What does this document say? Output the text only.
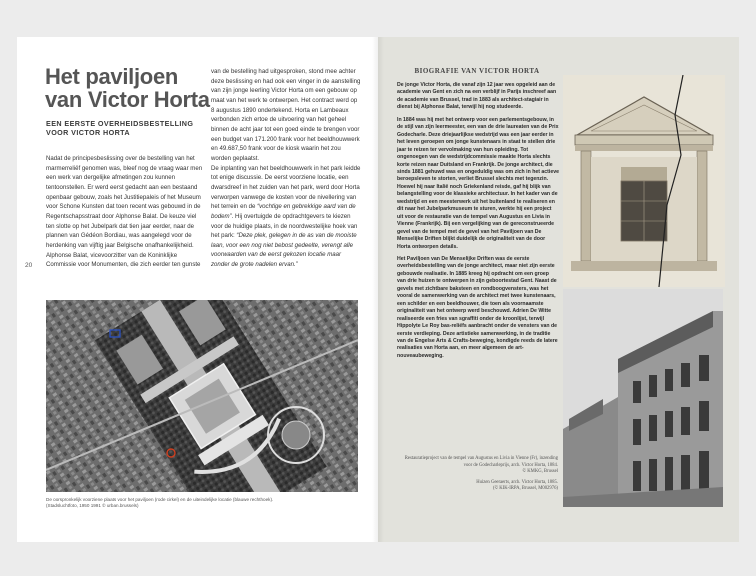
Het paviljoen
van Victor Horta
EEN EERSTE OVERHEIDSBESTELLING
VOOR VICTOR HORTA

Nadat de principesbeslissing over de bestelling van het marmerreliëf genomen was, bleef nog de vraag waar men een werk van dergelijke afmetingen zou kunnen tentoonstellen. Er werd eerst gedacht aan een bestaand openbaar gebouw, zoals het Justitiepaleis of het Museum voor Schone Kunsten dat toen recent was gebouwd in de Regentschapsstraat door Alphonse Balat. De keuze viel ten slotte op het Jubelpark dat tien jaar eerder, naar de plannen van Gédéon Bordiau, was aangelegd voor de herdenking van vijftig jaar Belgische onafhankelijkheid.
Alphonse Balat, vicevoorzitter van de Koninklijke Commissie voor Monumenten, die zich eerder ten gunste

van de bestelling had uitgesproken, stond mee achter deze beslissing en had ook een vinger in de aanstelling van zijn jonge leerling Victor Horta om een gebouw op maat van het werk te ontwerpen. Het contract werd op 8 augustus 1890 ondertekend. Horta en Lambeaux verbonden zich ertoe de uitvoering van het geheel binnen de acht jaar tot een goed einde te brengen voor een budget van 171.200 frank voor het beeldhouwwerk en 49.687,50 frank voor de kiosk waarin het zou worden geplaatst.
De inplanting van het beeldhouwwerk in het park leidde tot enige discussie. De eerst voorziene locatie, een dwarsdreef in het zuiden van het park, werd door Horta verworpen vanwege de kosten voor de nivellering van het terrein en de “vochtige en gebrekkige aard van de bodem”. Hij overtuigde de opdrachtgevers te kiezen voor de huidige plaats, in de noordwestelijke hoek van het park: “Deze plek, gelegen in de as van de mooiste laan, voor een nog niet bebost gedeelte, verengt alle voorwaarden van de eerst gekozen locatie maar zonder de grote nadelen ervan.”

20
De oorspronkelijk voorziene plaats voor het paviljoen (rode cirkel) en de uiteindelijke locatie (blauwe rechthoek).
(Stadsluchtfoto, 1950 1991 © urban.brussels)
BIOGRAFIE VAN VICTOR HORTA

De jonge Victor Horta, die vanaf zijn 12 jaar wes opgeleid aan de academie van Gent en zich na een verblijf in Parijs inschreef aan de academie van Brussel, trad in 1883 als architect-stagiair in dienst bij Alphonse Balat, terwijl hij nog studeerde.

In 1884 was hij met het ontwerp voor een parlementsgebouw, in de stijl van zijn leermeester, een van de drie laureaten van de Prix Godecharle. Deze driejaarlijkse wedstrijd was een jaar eerder in het leven geroepen om jonge kunstenaars in staat te stellen drie jaar te reizen ter vervolmaking van hun opleiding. Tot ongenoegen van de wedstrijdcommissie maakte Horta slechts korte reizen naar Duitsland en Frankrijk. De jonge architect, die sinds 1881 gehuwd was en ongeduldig was om zich in het actieve beroepsleven te storten, verliet Brussel slechts met tegenzin. Hoewel hij naar Italië noch Griekenland reisde, gaf hij blijk van belangstelling voor de klassieke architectuur. In het kader van de wedstrijd en een meesterwerk uit het buitenland te realiseren en dit naar het Jubelparkmuseum te sturen, werkte hij een project uit voor de restauratie van de tempel van Augustus en Livia in Vienne (Frankrijk). Bij een vergelijking van de gereconstrueerde gevel van de tempel met de gevel van het Paviljoen van De Menselijke Driften blijkt duidelijk de originaliteit van de door Horta ontworpen details.

Het Paviljoen van De Menselijke Driften was de eerste overheidsbestelling van de jonge architect, maar niet zijn eerste gebouwde realisatie. In 1885 kreeg hij opdracht om een groep van drie huizen te ontwerpen in zijn geboortestad Gent. Naast de gevels met zichtbare baksteen en rondboogvensters, was het vooral de samenwerking van de architect met twee kunstenaars, een schilder en een beeldhouwer, die toen als voornaamste originaliteit van het ontwerp werd beschouwd. Adrien De Witte realiseerde een fries van sgraffiti onder de kroonlijst, terwijl Hippolyte Le Roy bas-reliëfs aanbracht onder de vensters van de eerste verdieping. Deze artistieke samenwerking, in de traditie van de Engelse Arts & Crafts-beweging, kondigde reeds de latere realisaties van Horta aan, en meer algemeen de art-nouveaubeweging.

Restauratieproject van de tempel van Augustus en Livia in Vienne (Fr), inzending voor de Godecharleprijs, arch. Victor Horta, 1884.
© KMKG, Brussel

Huizen Geeraerts, arch. Victor Horta, 1885.
(© KIK-IRPA, Brussel, M002976)
